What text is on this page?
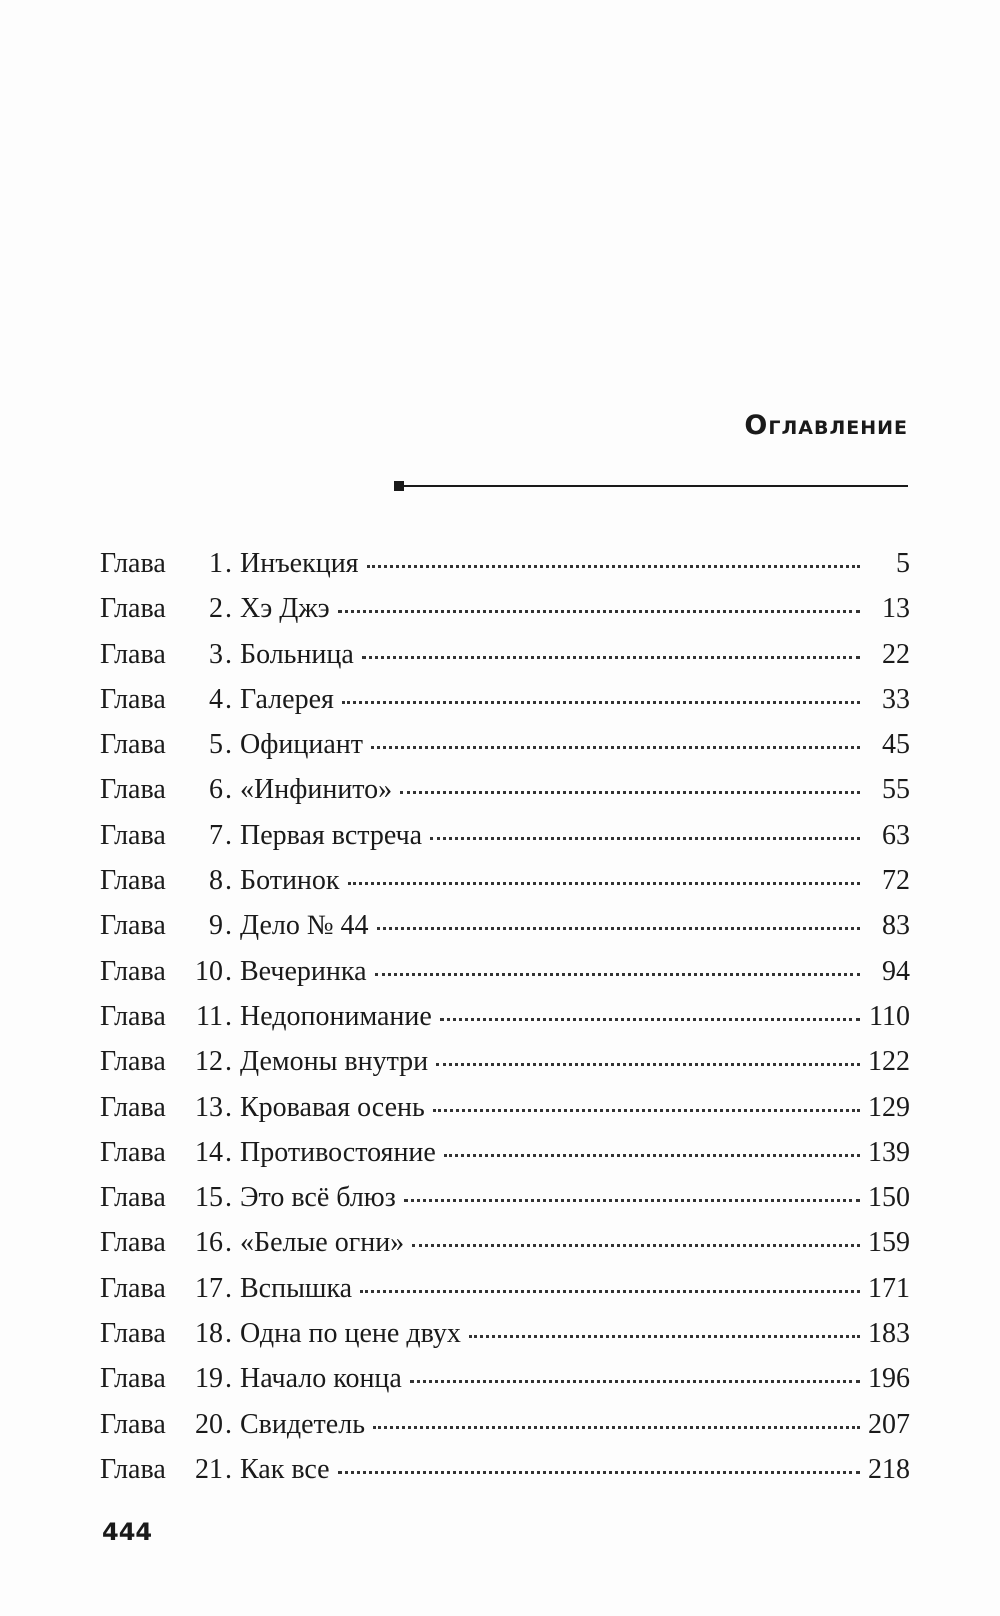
Оглавление
Глава	1 . Инъекция	5
Глава	2 . Хэ Джэ	13
Глава	3 . Больница	22
Глава	4 . Галерея	33
Глава	5 . Официант	45
Глава	6 . «Инфинито»	55
Глава	7 . Первая встреча	63
Глава	8 . Ботинок	72
Глава	9 . Дело № 44	83
Глава	10 . Вечеринка	94
Глава	11 . Недопонимание	110
Глава	12 . Демоны внутри	122
Глава	13 . Кровавая осень	129
Глава	14 . Противостояние	139
Глава	15 . Это всё блюз	150
Глава	16 . «Белые огни»	159
Глава	17 . Вспышка	171
Глава	18 . Одна по цене двух	183
Глава	19 . Начало конца	196
Глава	20 . Свидетель	207
Глава	21 . Как все	218
444
